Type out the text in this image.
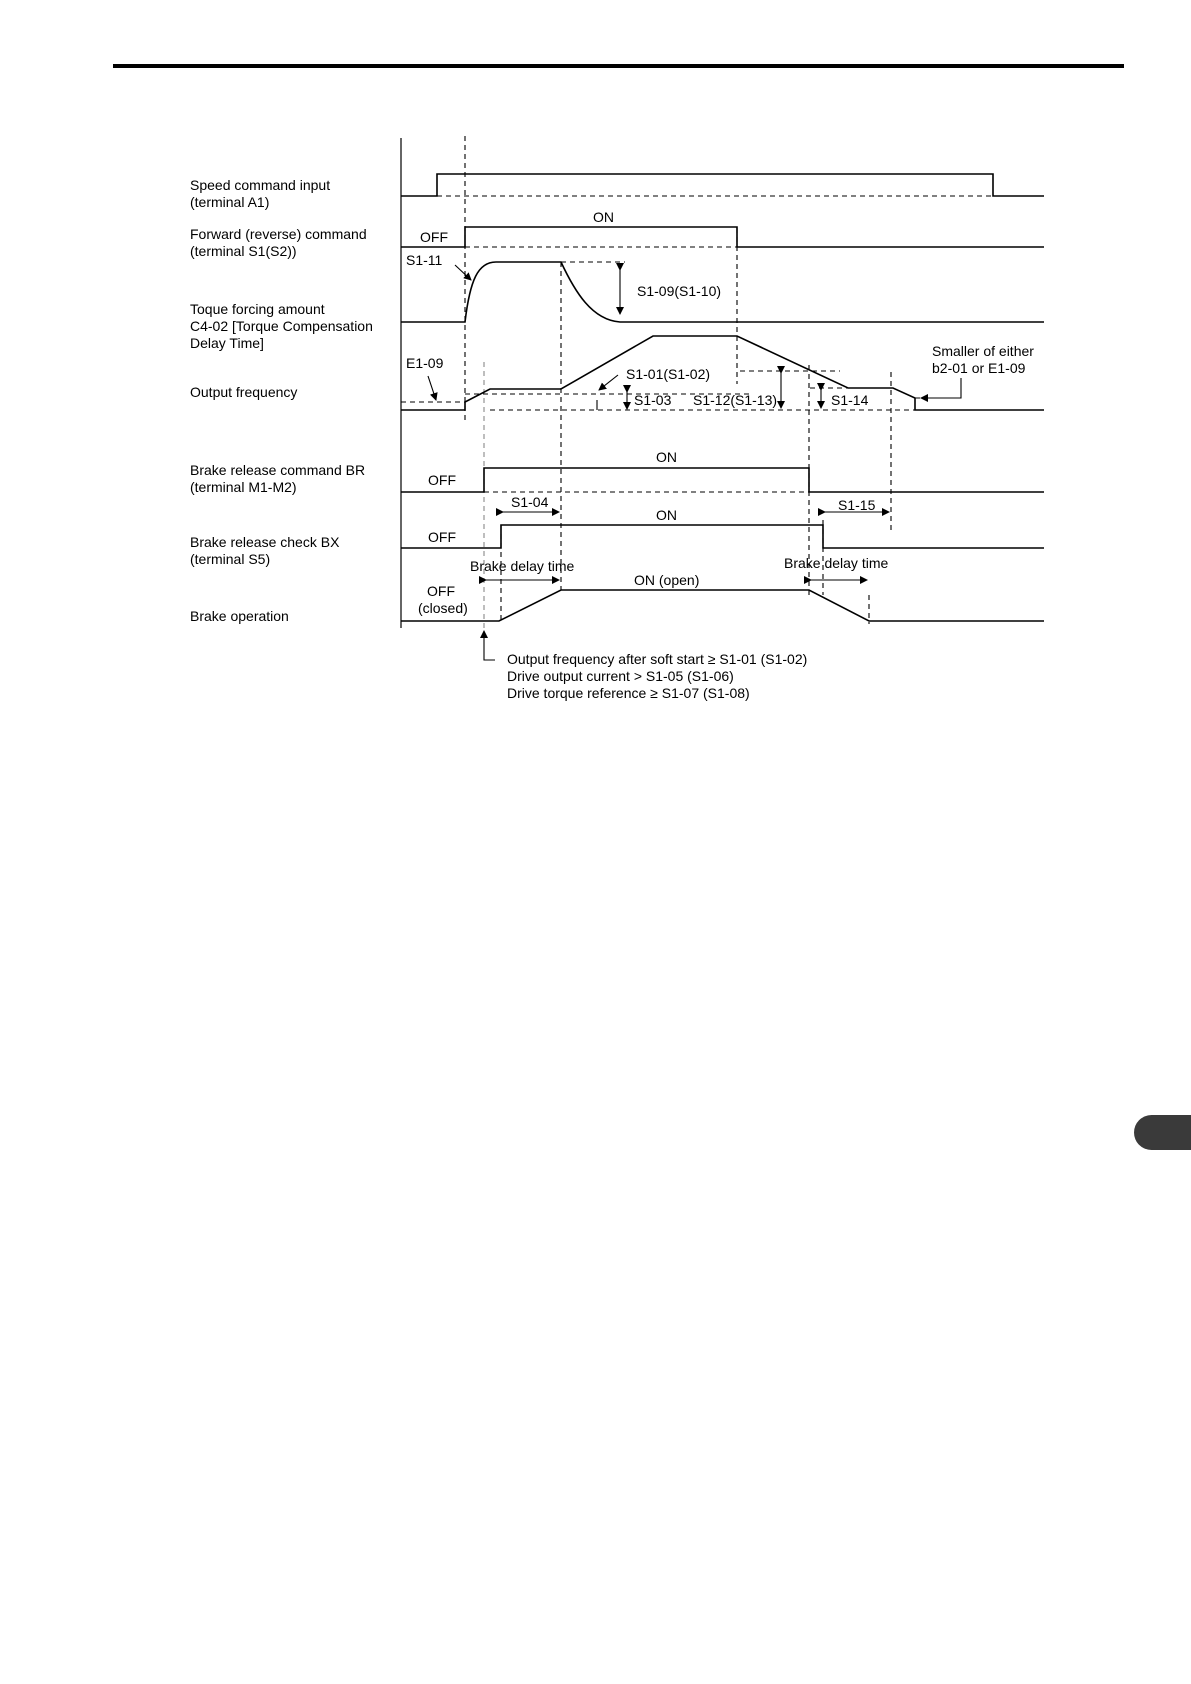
Speed command input
(terminal A1)
Forward (reverse) command
(terminal S1(S2))
Toque forcing amount
C4-02 [Torque Compensation
Delay Time]
Output frequency
Brake release command BR
(terminal M1-M2)
Brake release check BX
(terminal S5)
Brake operation
OFF
ON
S1-09(S1-10)
S1-11
E1-09
S1-01(S1-02)
S1-03 S1-12(S1-13)	S1-14
Smaller of either
b2-01 or E1-09
OFF
ON
S1-04	S1-15
OFF
ON
Brake delay time	Brake delay time
OFF
(closed)
ON (open)
Output frequency after soft start ≥ S1-01 (S1-02)
Drive output current > S1-05 (S1-06)
Drive torque reference ≥ S1-07 (S1-08)
